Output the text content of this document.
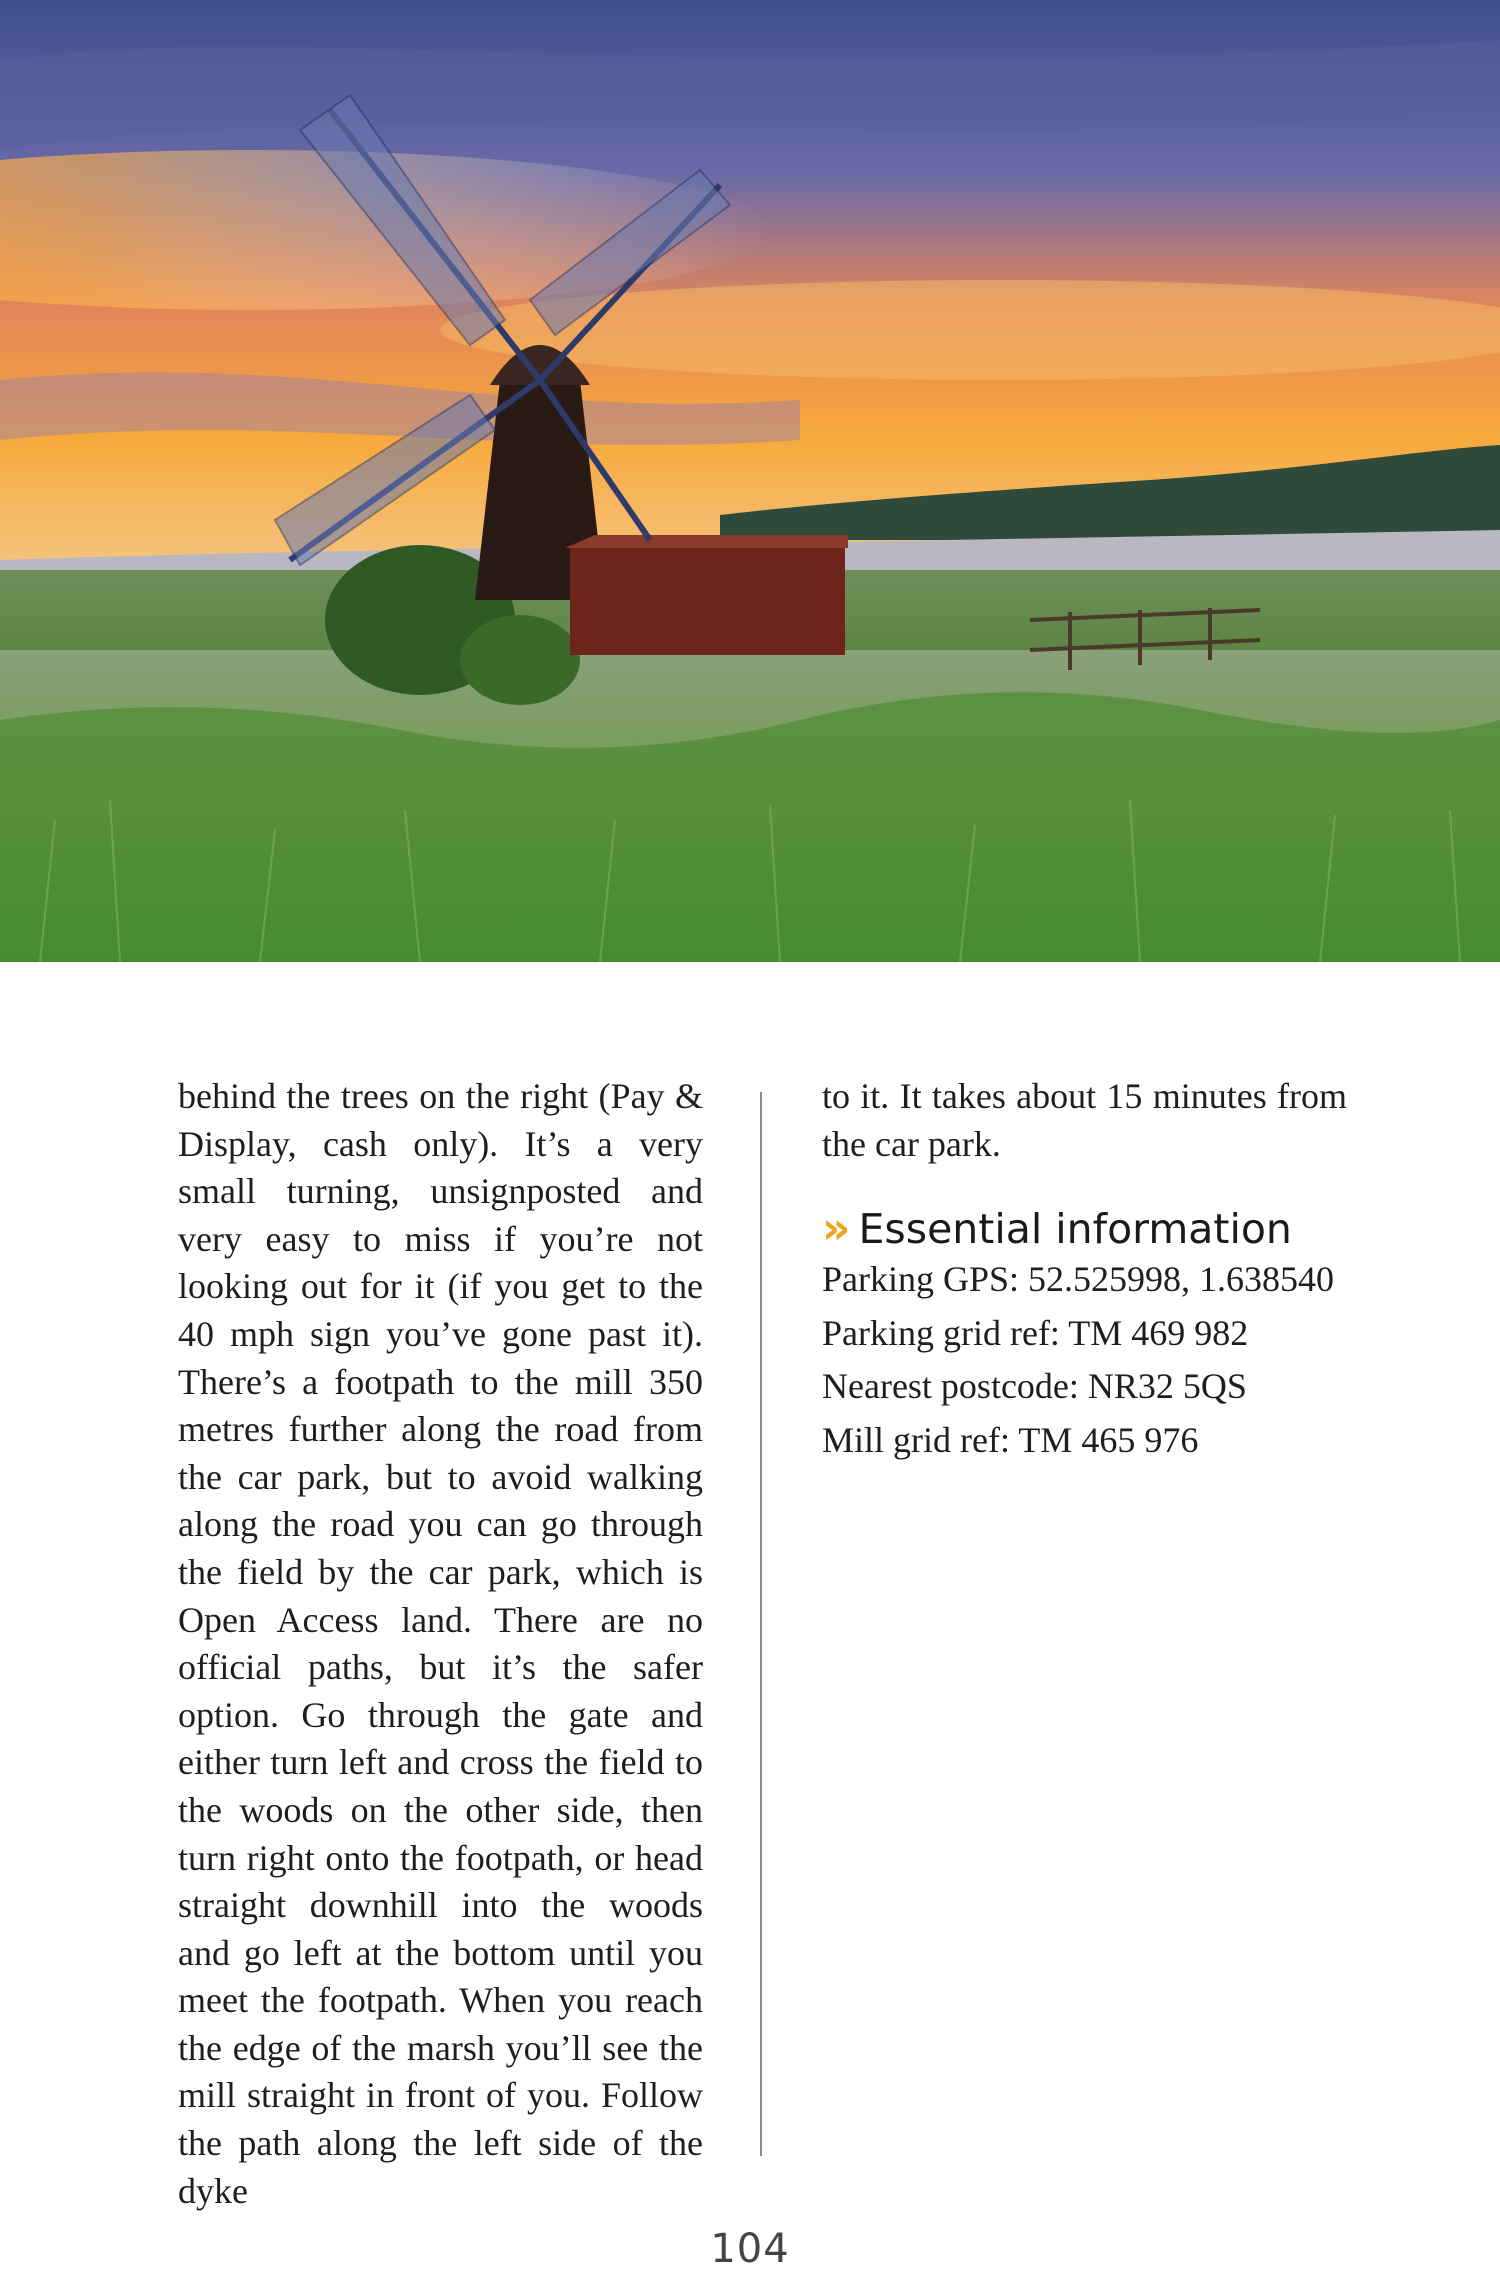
behind the trees on the right (Pay & Display, cash only). It’s a very small turning, unsignposted and very easy to miss if you’re not looking out for it (if you get to the 40 mph sign you’ve gone past it). There’s a footpath to the mill 350 metres further along the road from the car park, but to avoid walking along the road you can go through the field by the car park, which is Open Access land. There are no official paths, but it’s the safer option. Go through the gate and either turn left and cross the field to the woods on the other side, then turn right onto the footpath, or head straight downhill into the woods and go left at the bottom until you meet the footpath. When you reach the edge of the marsh you’ll see the mill straight in front of you. Follow the path along the left side of the dyke
to it. It takes about 15 minutes from the car park.
» Essential information

Parking GPS: 52.525998, 1.638540

Parking grid ref: TM 469 982

Nearest postcode: NR32 5QS

Mill grid ref: TM 465 976

104
